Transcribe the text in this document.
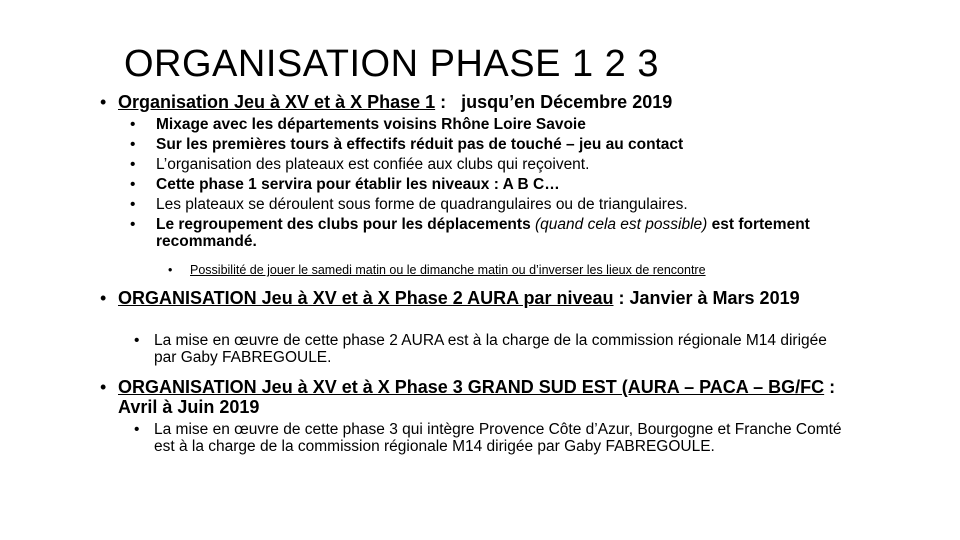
ORGANISATION PHASE 1 2 3
• Organisation Jeu à XV et à X Phase 1 :   jusqu’en Décembre 2019
•	Mixage avec les départements voisins Rhône Loire Savoie
•	Sur les premières tours à effectifs réduit pas de touché – jeu au contact
•	L’organisation des plateaux est confiée aux clubs qui reçoivent.
•	Cette phase 1 servira pour établir les niveaux : A B C…
•	Les plateaux se déroulent sous forme de quadrangulaires ou de triangulaires.
•	Le regroupement des clubs pour les déplacements (quand cela est possible) est fortement recommandé.
•	Possibilité de jouer le samedi matin ou le dimanche matin ou d’inverser les lieux de rencontre
• ORGANISATION Jeu à XV et à X Phase 2 AURA par niveau : Janvier à Mars 2019
• La mise en œuvre de cette phase 2 AURA est à la charge de la commission régionale M14 dirigée par Gaby FABREGOULE.
• ORGANISATION Jeu à XV et à X Phase 3 GRAND SUD EST (AURA – PACA – BG/FC : Avril à Juin 2019
• La mise en œuvre de cette phase 3 qui intègre Provence Côte d’Azur, Bourgogne et Franche Comté est à la charge de la commission régionale M14 dirigée par Gaby FABREGOULE.
